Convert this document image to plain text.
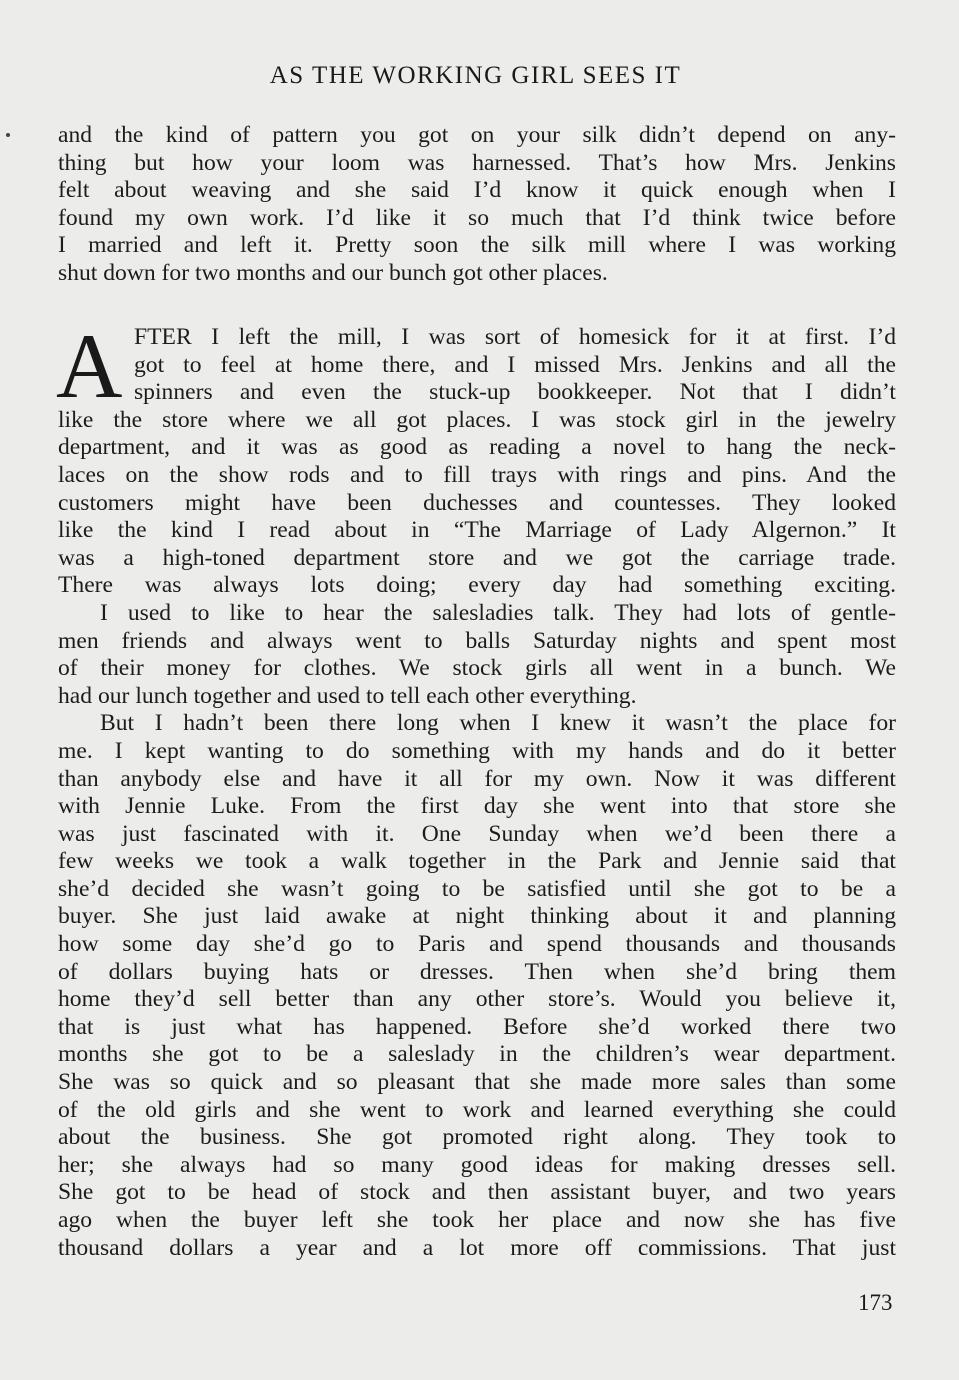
AS THE WORKING GIRL SEES IT
and the kind of pattern you got on your silk didn’t depend on any-
thing but how your loom was harnessed. That’s how Mrs. Jenkins
felt about weaving and she said I’d know it quick enough when I
found my own work. I’d like it so much that I’d think twice before
I married and left it. Pretty soon the silk mill where I was working
shut down for two months and our bunch got other places.
A FTER I left the mill, I was sort of homesick for it at first. I’d
got to feel at home there, and I missed Mrs. Jenkins and all the
spinners and even the stuck-up bookkeeper. Not that I didn’t
like the store where we all got places. I was stock girl in the jewelry
department, and it was as good as reading a novel to hang the neck-
laces on the show rods and to fill trays with rings and pins. And the
customers might have been duchesses and countesses. They looked
like the kind I read about in “The Marriage of Lady Algernon.” It
was a high-toned department store and we got the carriage trade.
There was always lots doing; every day had something exciting.
I used to like to hear the salesladies talk. They had lots of gentle-
men friends and always went to balls Saturday nights and spent most
of their money for clothes. We stock girls all went in a bunch. We
had our lunch together and used to tell each other everything.
But I hadn’t been there long when I knew it wasn’t the place for
me. I kept wanting to do something with my hands and do it better
than anybody else and have it all for my own. Now it was different
with Jennie Luke. From the first day she went into that store she
was just fascinated with it. One Sunday when we’d been there a
few weeks we took a walk together in the Park and Jennie said that
she’d decided she wasn’t going to be satisfied until she got to be a
buyer. She just laid awake at night thinking about it and planning
how some day she’d go to Paris and spend thousands and thousands
of dollars buying hats or dresses. Then when she’d bring them
home they’d sell better than any other store’s. Would you believe it,
that is just what has happened. Before she’d worked there two
months she got to be a saleslady in the children’s wear department.
She was so quick and so pleasant that she made more sales than some
of the old girls and she went to work and learned everything she could
about the business. She got promoted right along. They took to
her; she always had so many good ideas for making dresses sell.
She got to be head of stock and then assistant buyer, and two years
ago when the buyer left she took her place and now she has five
thousand dollars a year and a lot more off commissions. That just
173
